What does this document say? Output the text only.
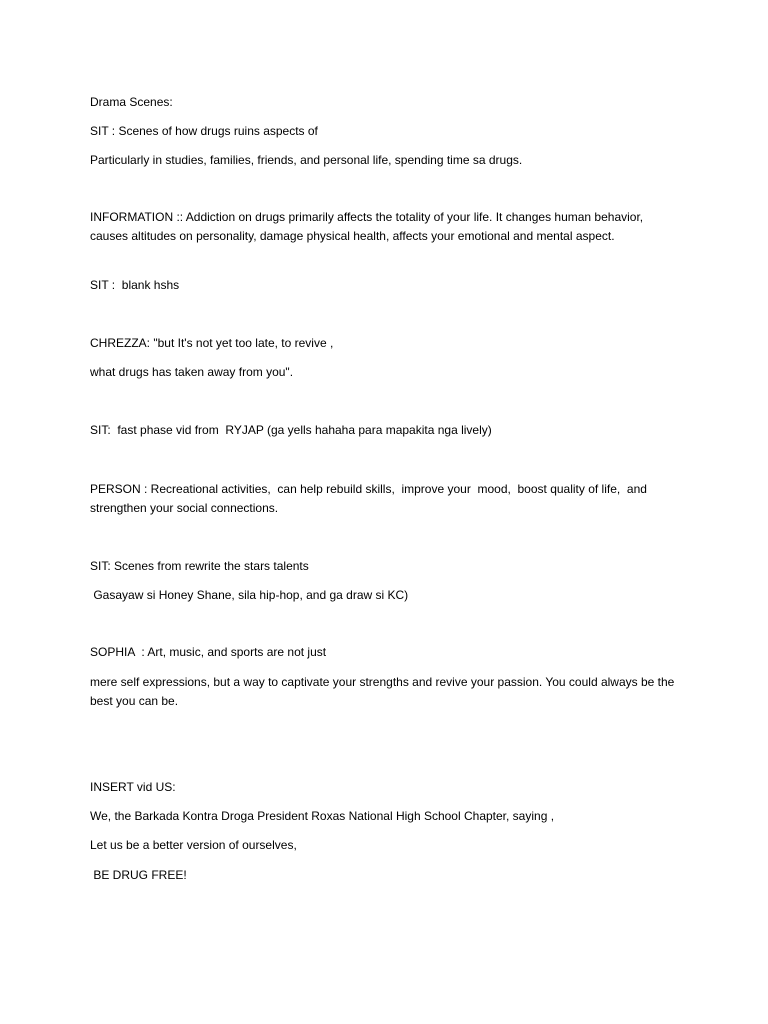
Drama Scenes:

SIT : Scenes of how drugs ruins aspects of

Particularly in studies, families, friends, and personal life, spending time sa drugs.

INFORMATION :: Addiction on drugs primarily affects the totality of your life. It changes human behavior, causes altitudes on personality, damage physical health, affects your emotional and mental aspect.

SIT :  blank hshs

CHREZZA: "but It's not yet too late, to revive ,

what drugs has taken away from you".

SIT:  fast phase vid from  RYJAP (ga yells hahaha para mapakita nga lively)

PERSON : Recreational activities,  can help rebuild skills,  improve your  mood,  boost quality of life,  and strengthen your social connections.

SIT: Scenes from rewrite the stars talents

Gasayaw si Honey Shane, sila hip-hop, and ga draw si KC)

SOPHIA  : Art, music, and sports are not just

mere self expressions, but a way to captivate your strengths and revive your passion. You could always be the best you can be.

INSERT vid US:

We, the Barkada Kontra Droga President Roxas National High School Chapter, saying ,

Let us be a better version of ourselves,

BE DRUG FREE!
